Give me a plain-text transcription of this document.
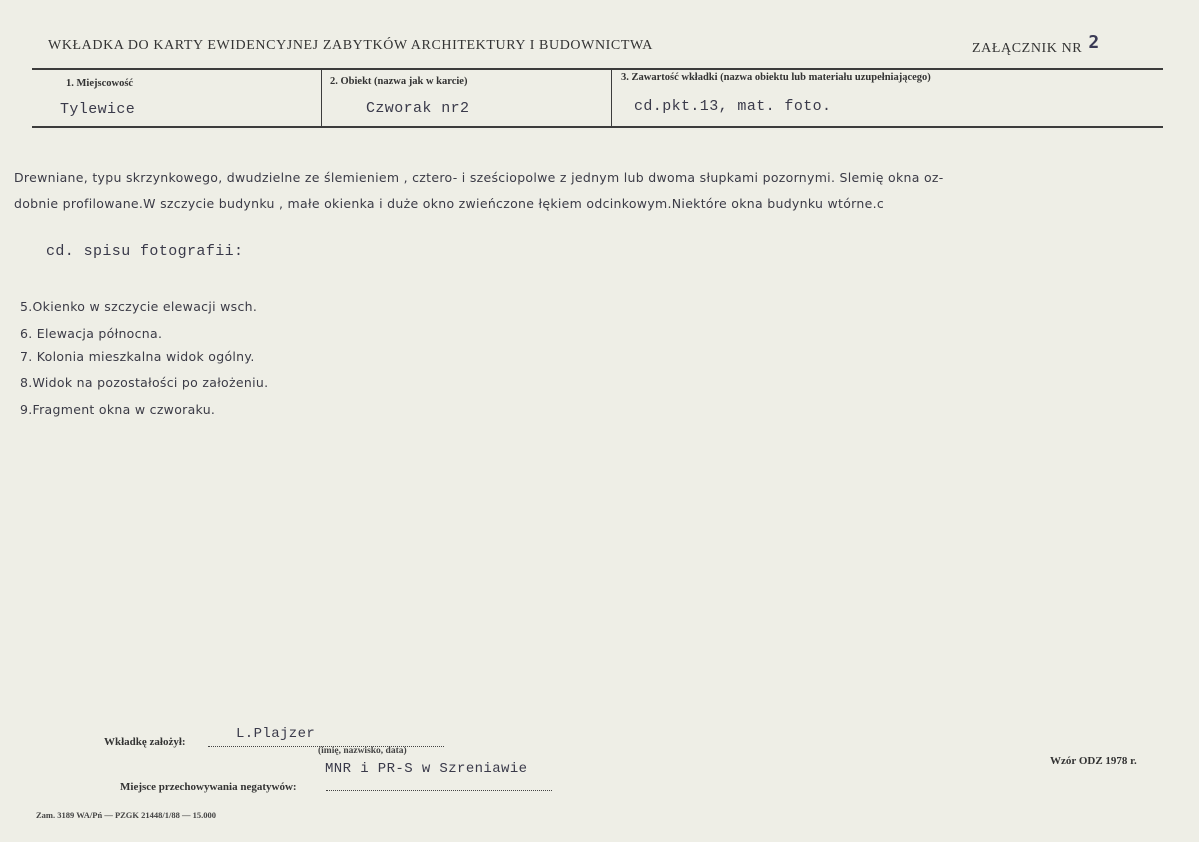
WKŁADKA DO KARTY EWIDENCYJNEJ ZABYTKÓW ARCHITEKTURY I BUDOWNICTWA	ZAŁĄCZNIK NR 2
1. Miejscowość
Tylewice
2. Obiekt (nazwa jak w karcie)
Czworak nr2
3. Zawartość wkładki (nazwa obiektu lub materiału uzupełniającego)
cd.pkt.13, mat. foto.
Drewniane, typu skrzynkowego, dwudzielne ze ślemieniem , cztero- i sześciopolwe z jednym lub dwoma słupkami pozornymi. Slemię okna oz-
dobnie profilowane.W szczycie budynku , małe okienka i duże okno zwieńczone łękiem odcinkowym.Niektóre okna budynku wtórne.c
cd. spisu fotografii:
5.Okienko w szczycie elewacji wsch.
6. Elewacja północna.
7. Kolonia mieszkalna widok ogólny.
8.Widok na pozostałości po założeniu.
9.Fragment okna w czworaku.
Wkładkę założył:	L.Plajzer
(imię, nazwisko, data)
MNR i PR-S w Szreniawie
Miejsce przechowywania negatywów:
Wzór ODZ 1978 r.
Zam. 3189 WA/Pń — PZGK 21448/1/88 — 15.000
